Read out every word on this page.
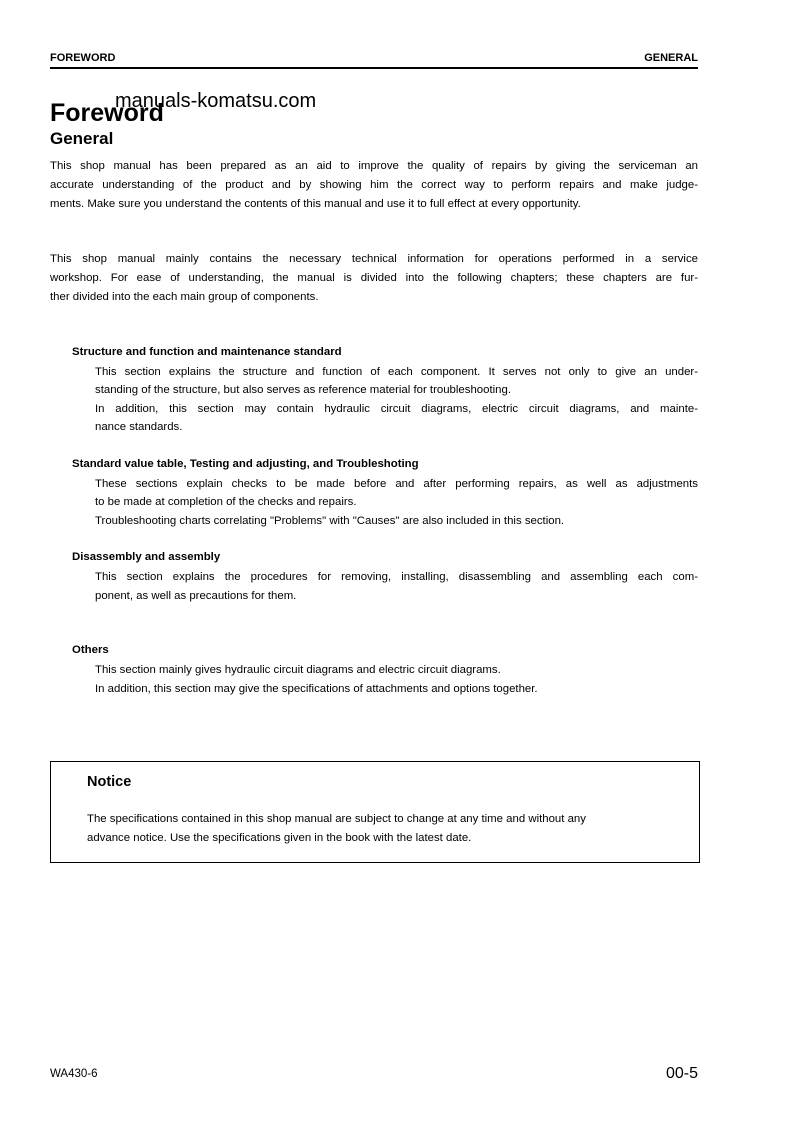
FOREWORD	GENERAL
Foreword
manuals-komatsu.com
General
This shop manual has been prepared as an aid to improve the quality of repairs by giving the serviceman an
accurate understanding of the product and by showing him the correct way to perform repairs and make judge-
ments. Make sure you understand the contents of this manual and use it to full effect at every opportunity.
This shop manual mainly contains the necessary technical information for operations performed in a service
workshop. For ease of understanding, the manual is divided into the following chapters; these chapters are fur-
ther divided into the each main group of components.
Structure and function and maintenance standard
This section explains the structure and function of each component. It serves not only to give an under-
standing of the structure, but also serves as reference material for troubleshooting.
In addition, this section may contain hydraulic circuit diagrams, electric circuit diagrams, and mainte-
nance standards.
Standard value table, Testing and adjusting, and Troubleshoting
These sections explain checks to be made before and after performing repairs, as well as adjustments
to be made at completion of the checks and repairs.
Troubleshooting charts correlating "Problems" with "Causes" are also included in this section.
Disassembly and assembly
This section explains the procedures for removing, installing, disassembling and assembling each com-
ponent, as well as precautions for them.
Others
This section mainly gives hydraulic circuit diagrams and electric circuit diagrams.
In addition, this section may give the specifications of attachments and options together.
Notice
The specifications contained in this shop manual are subject to change at any time and without any
advance notice. Use the specifications given in the book with the latest date.
WA430-6	00-5
